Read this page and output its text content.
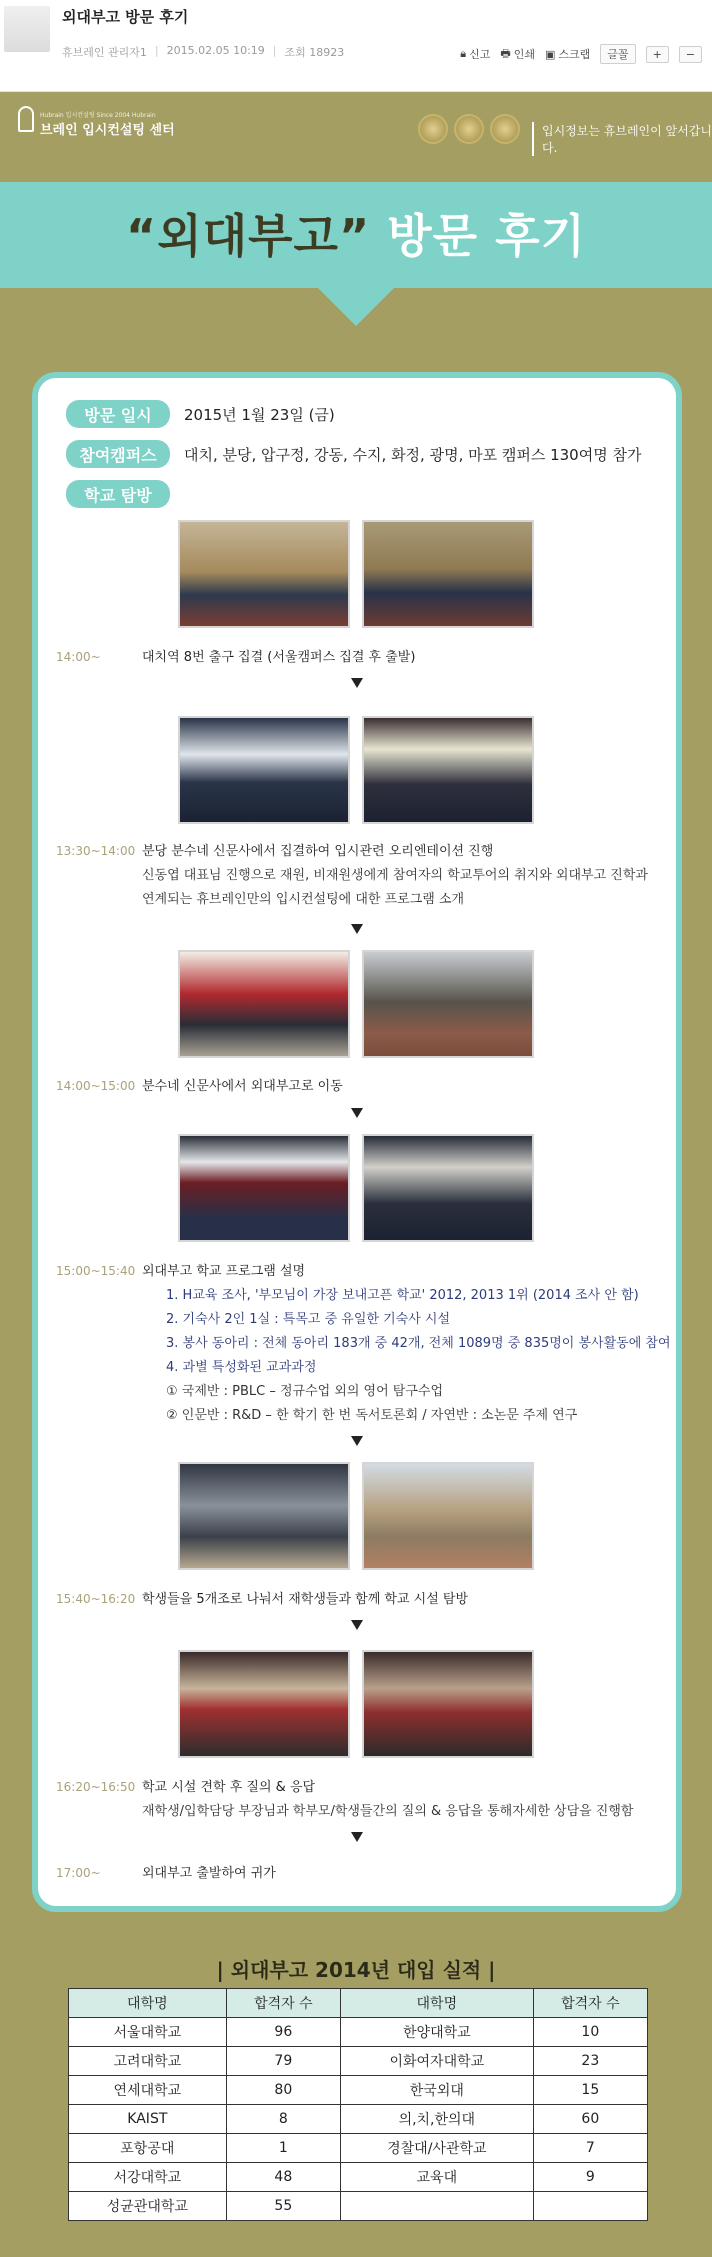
외대부고 방문 후기
휴브레인 관리자1 | 2015.02.05 10:19 | 조회 18923	🔒︎ 신고 🖶 인쇄 ▣ 스크랩	글꼴	+	−
Hubrain 입시컨설팅 Since 2004 Hubrain
브레인 입시컨설팅 센터	입시정보는 휴브레인이 앞서갑니다.
“외대부고” 방문 후기
방문 일시	2015년 1월 23일 (금)
참여캠퍼스	대치, 분당, 압구정, 강동, 수지, 화정, 광명, 마포 캠퍼스 130여명 참가
학교 탐방
14:00~	대치역 8번 출구 집결 (서울캠퍼스 집결 후 출발)
13:30~14:00 분당 분수네 신문사에서 집결하여 입시관련 오리엔테이션 진행
신동엽 대표님 진행으로 재원, 비재원생에게 참여자의 학교투어의 취지와 외대부고 진학과
연계되는 휴브레인만의 입시컨설팅에 대한 프로그램 소개
14:00~15:00 분수네 신문사에서 외대부고로 이동
15:00~15:40 외대부고 학교 프로그램 설명
1. H교육 조사, '부모님이 가장 보내고픈 학교' 2012, 2013 1위 (2014 조사 안 함)
2. 기숙사 2인 1실 : 특목고 중 유일한 기숙사 시설
3. 봉사 동아리 : 전체 동아리 183개 중 42개, 전체 1089명 중 835명이 봉사활동에 참여
4. 과별 특성화된 교과과정
① 국제반 : PBLC – 정규수업 외의 영어 탐구수업
② 인문반 : R&D – 한 학기 한 번 독서토론회 / 자연반 : 소논문 주제 연구
15:40~16:20 학생들을 5개조로 나눠서 재학생들과 함께 학교 시설 탐방
16:20~16:50 학교 시설 견학 후 질의 & 응답
재학생/입학담당 부장님과 학부모/학생들간의 질의 & 응답을 통해자세한 상담을 진행함
17:00~	외대부고 출발하여 귀가
| 외대부고 2014년 대입 실적 |
대학명	합격자 수	대학명	합격자 수
서울대학교	96	한양대학교	10
고려대학교	79	이화여자대학교	23
연세대학교	80	한국외대	15
KAIST	8	의,치,한의대	60
포항공대	1	경찰대/사관학교	7
서강대학교	48	교육대	9
성균관대학교	55		
